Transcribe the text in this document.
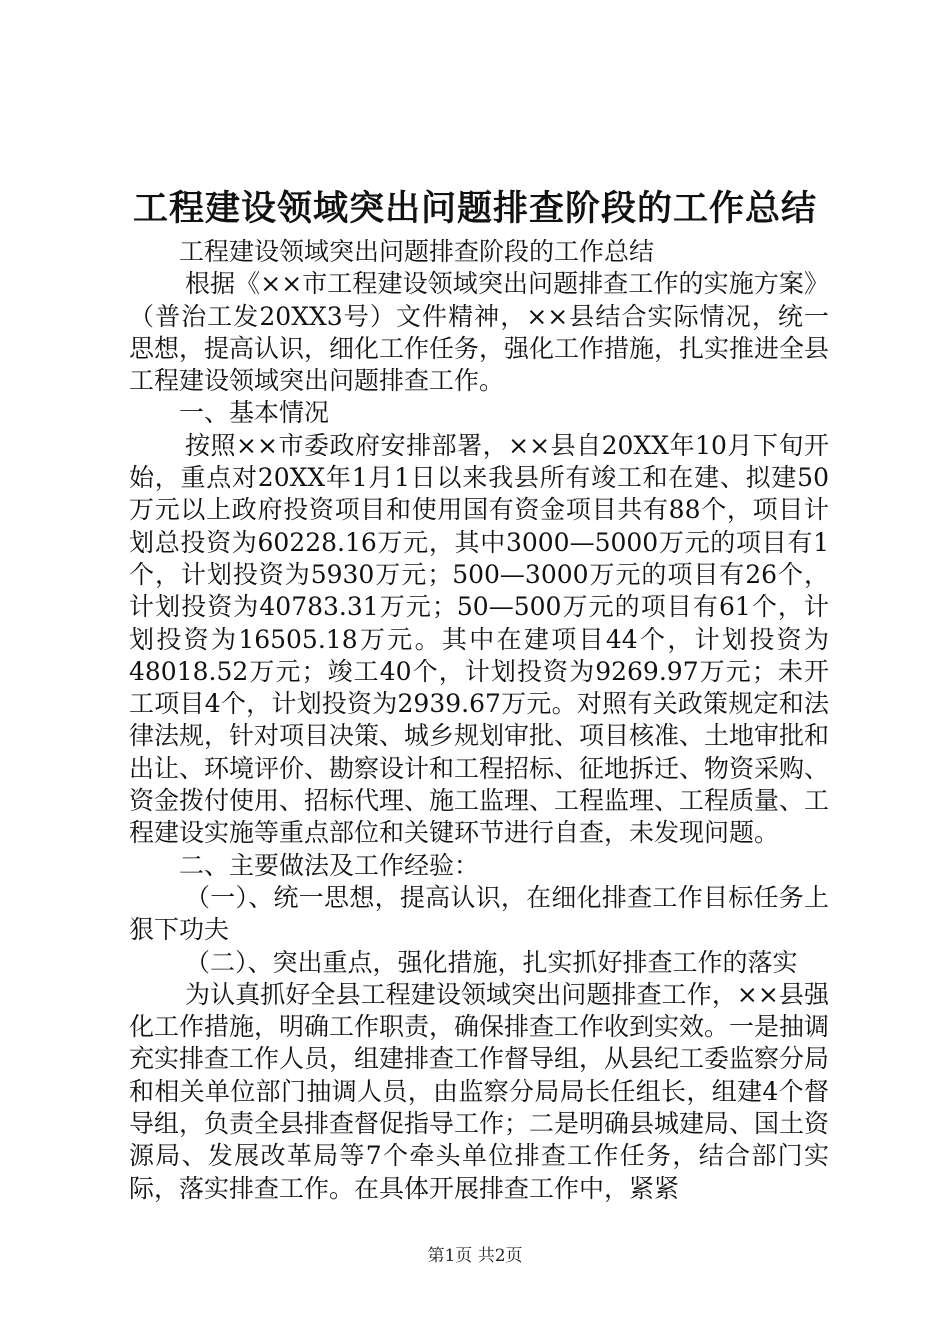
工程建设领域突出问题排查阶段的工作总结

工程建设领域突出问题排查阶段的工作总结

根据《××市工程建设领域突出问题排查工作的实施方案》（普治工发20XX3号）文件精神，××县结合实际情况，统一思想，提高认识，细化工作任务，强化工作措施，扎实推进全县工程建设领域突出问题排查工作。

一、基本情况

按照××市委政府安排部署，××县自20XX年10月下旬开始，重点对20XX年1月1日以来我县所有竣工和在建、拟建50万元以上政府投资项目和使用国有资金项目共有88个，项目计划总投资为60228.16万元，其中3000—5000万元的项目有1个，计划投资为5930万元；500—3000万元的项目有26个，计划投资为40783.31万元；50—500万元的项目有61个，计划投资为16505.18万元。其中在建项目44个，计划投资为48018.52万元；竣工40个，计划投资为9269.97万元；未开工项目4个，计划投资为2939.67万元。对照有关政策规定和法律法规，针对项目决策、城乡规划审批、项目核准、土地审批和出让、环境评价、勘察设计和工程招标、征地拆迁、物资采购、资金拨付使用、招标代理、施工监理、工程监理、工程质量、工程建设实施等重点部位和关键环节进行自查，未发现问题。

二、主要做法及工作经验：

（一）、统一思想，提高认识，在细化排查工作目标任务上狠下功夫

（二）、突出重点，强化措施，扎实抓好排查工作的落实

为认真抓好全县工程建设领域突出问题排查工作，××县强化工作措施，明确工作职责，确保排查工作收到实效。一是抽调充实排查工作人员，组建排查工作督导组，从县纪工委监察分局和相关单位部门抽调人员，由监察分局局长任组长，组建4个督导组，负责全县排查督促指导工作；二是明确县城建局、国土资源局、发展改革局等7个牵头单位排查工作任务，结合部门实际，落实排查工作。在具体开展排查工作中，紧紧

第1页 共2页
